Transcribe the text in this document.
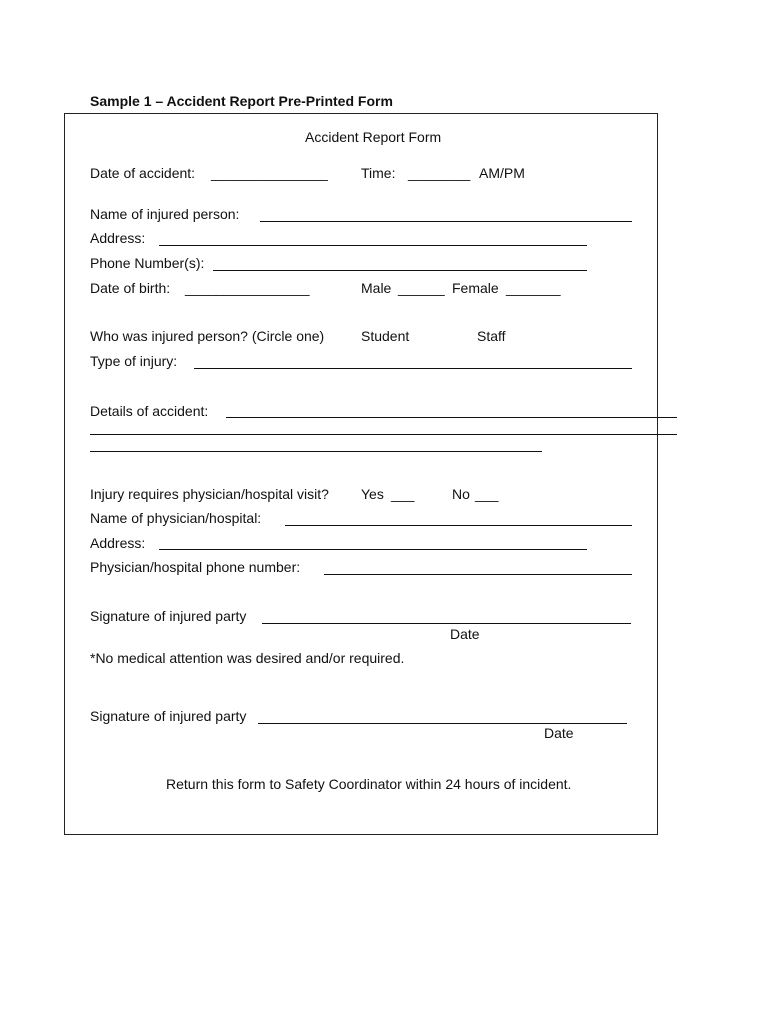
Sample 1 – Accident Report Pre-Printed Form
Accident Report Form
Date of accident: _______________ Time: ________ AM/PM
Name of injured person:
Address:
Phone Number(s):
Date of birth: ________________	Male ______ Female _______
Who was injured person? (Circle one)	Student	Staff
Type of injury:
Details of accident:
Injury requires physician/hospital visit? Yes ___	No ___
Name of physician/hospital:
Address:
Physician/hospital phone number:
Signature of injured party
Date
*No medical attention was desired and/or required.
Signature of injured party
Date
Return this form to Safety Coordinator within 24 hours of incident.
